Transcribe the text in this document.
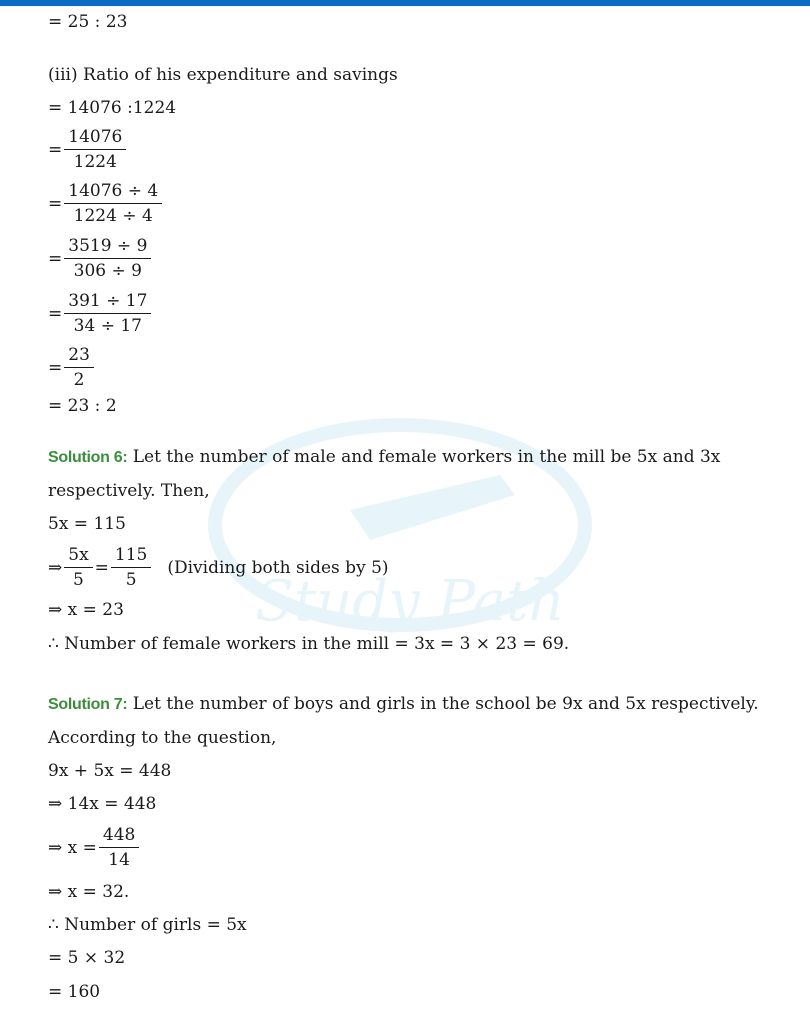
Study Path
= 25 : 23
(iii) Ratio of his expenditure and savings
= 14076 :1224
= $\frac{14076}{1224}$
= $\frac{14076 \div 4}{1224 \div 4}$
= $\frac{3519 \div 9}{306 \div 9}$
= $\frac{391 \div 17}{34 \div 17}$
= $\frac{23}{2}$
= 23 : 2
Solution 6: Let the number of male and female workers in the mill be 5x and 3x
respectively. Then,
5x = 115
⇒ $\frac{5x}{5} = \frac{115}{5}$ (Dividing both sides by 5)
⇒ x = 23
∴ Number of female workers in the mill = 3x = 3 × 23 = 69.
Solution 7: Let the number of boys and girls in the school be 9x and 5x respectively.
According to the question,
9x + 5x = 448
⇒ 14x = 448
⇒ $x = \frac{448}{14}$
⇒ x = 32.
∴ Number of girls = 5x
= 5 × 32
= 160
